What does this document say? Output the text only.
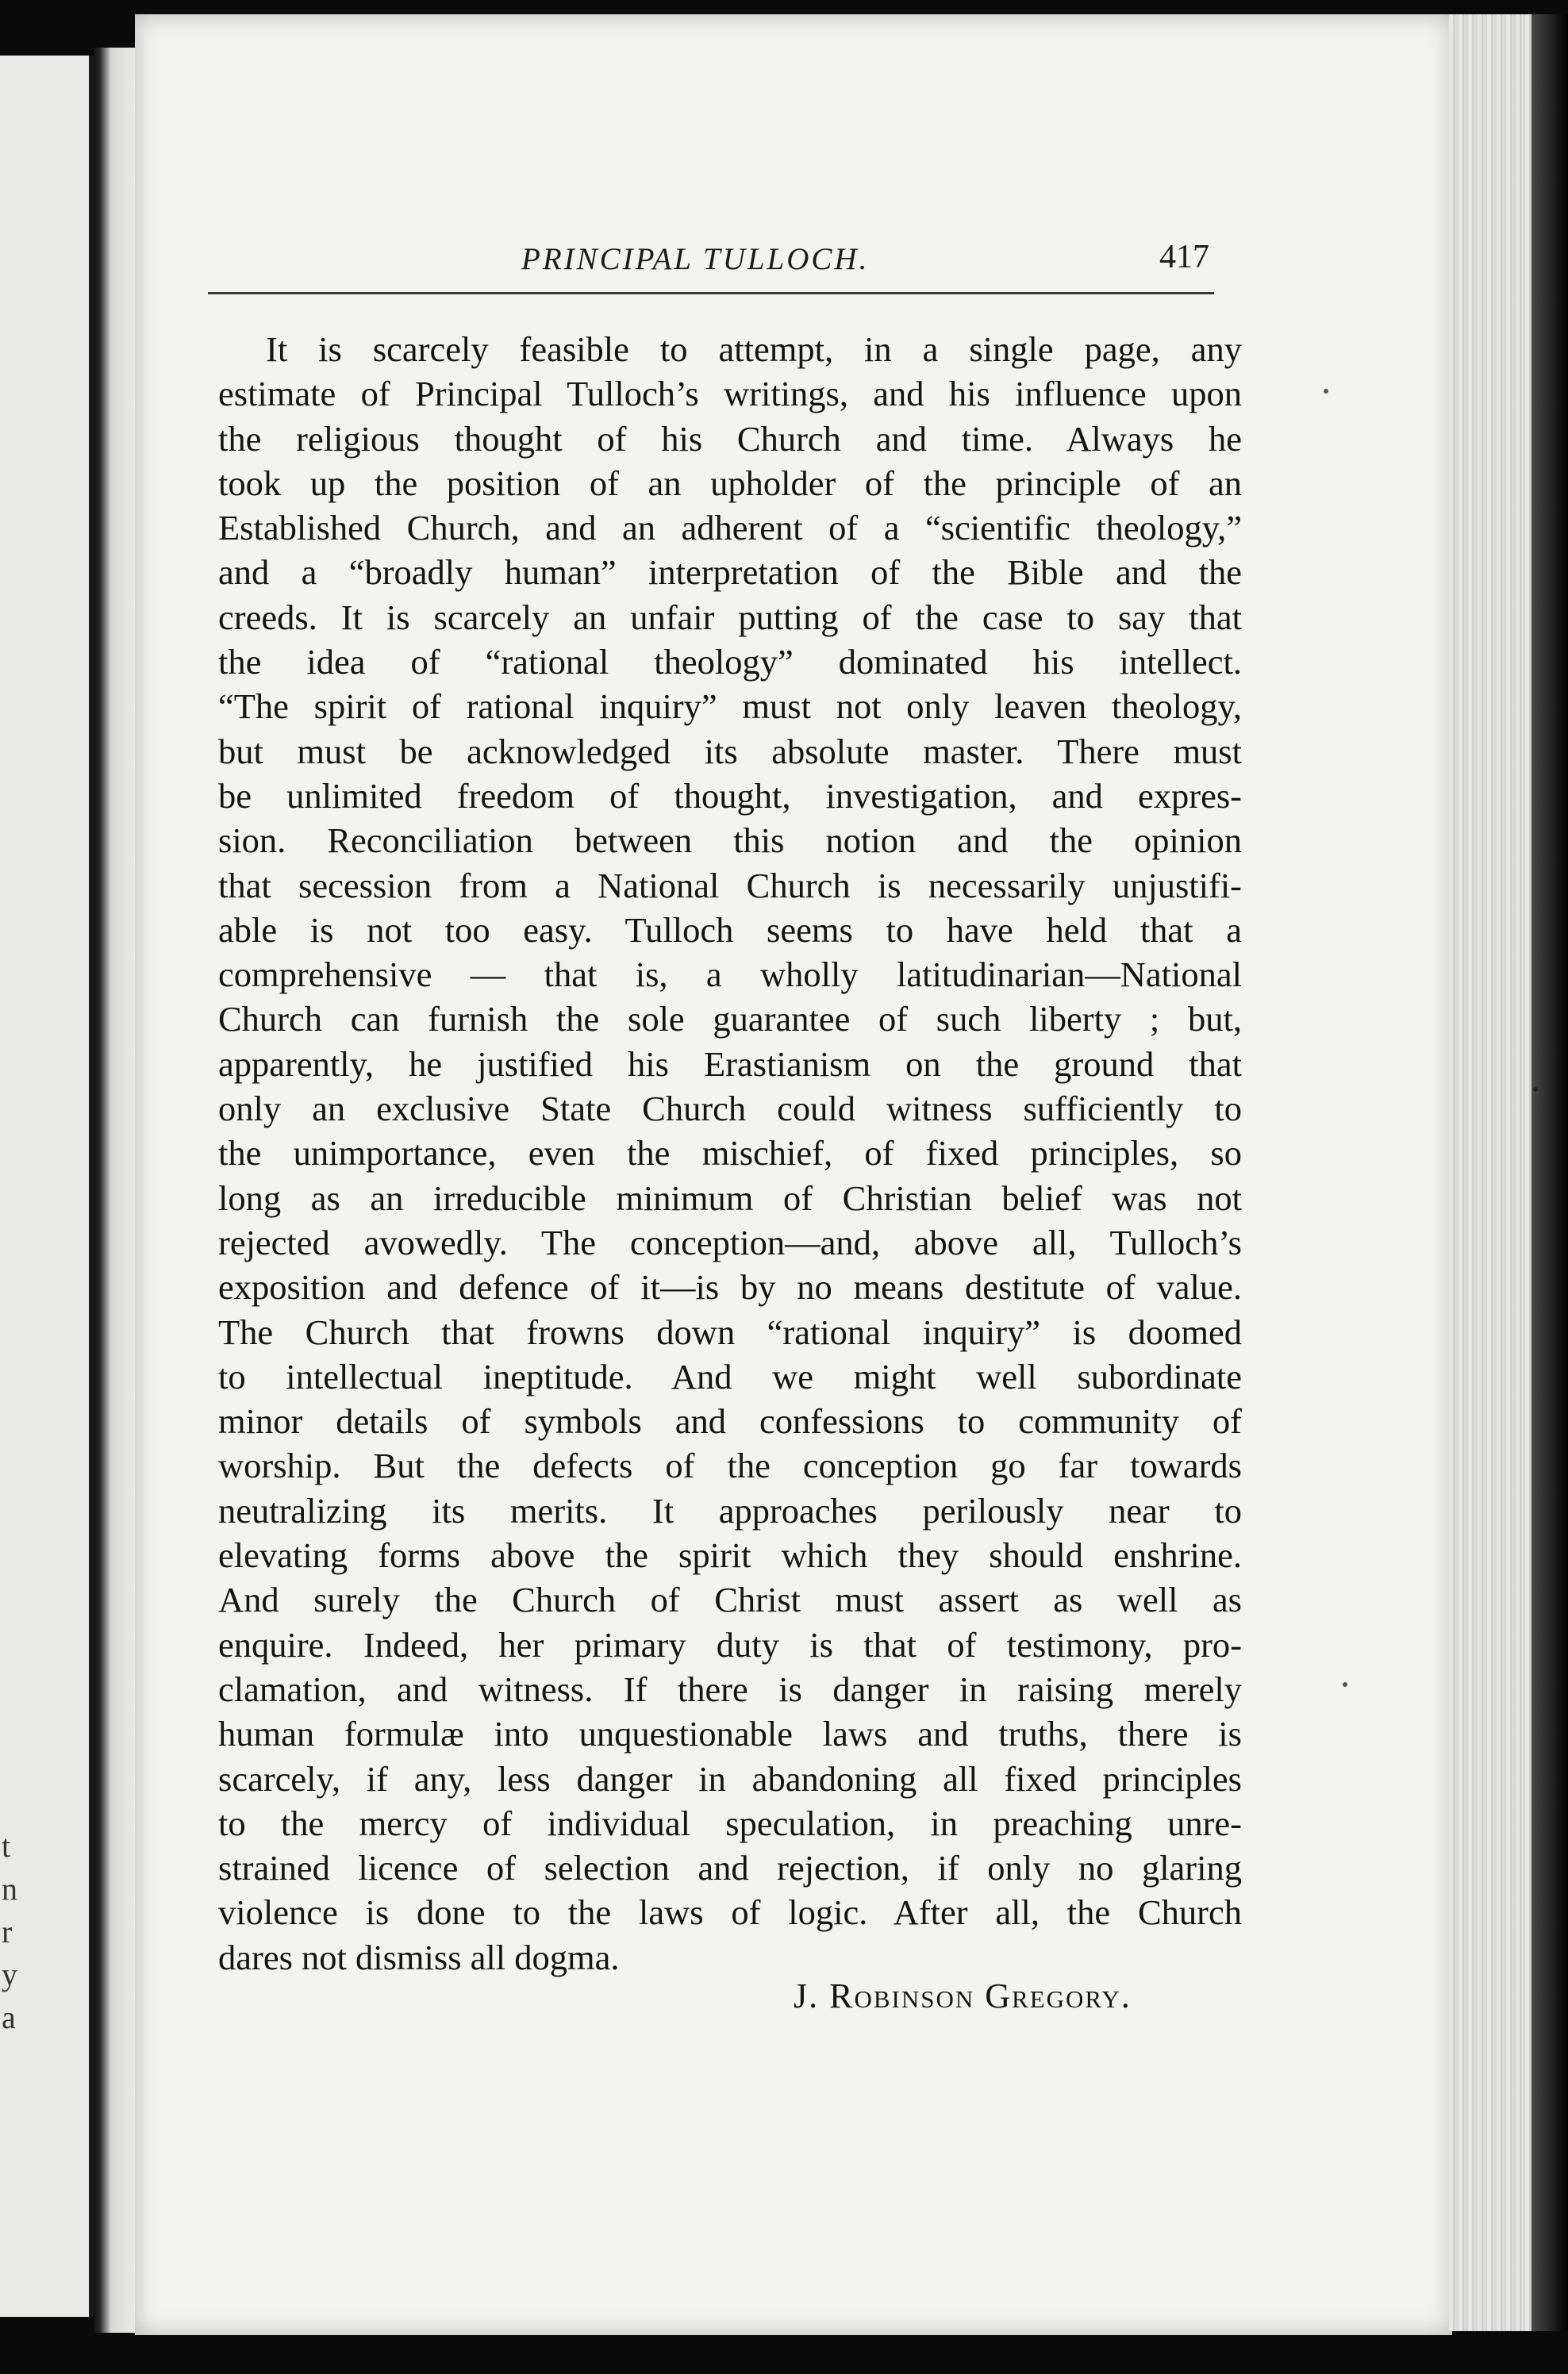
t
n
r
y
a
PRINCIPAL TULLOCH.	417
It is scarcely feasible to attempt, in a single page, any
estimate of Principal Tulloch’s writings, and his influence upon
the religious thought of his Church and time. Always he
took up the position of an upholder of the principle of an
Established Church, and an adherent of a “scientific theology,”
and a “broadly human” interpretation of the Bible and the
creeds. It is scarcely an unfair putting of the case to say that
the idea of “rational theology” dominated his intellect.
“The spirit of rational inquiry” must not only leaven theology,
but must be acknowledged its absolute master. There must
be unlimited freedom of thought, investigation, and expres-
sion. Reconciliation between this notion and the opinion
that secession from a National Church is necessarily unjustifi-
able is not too easy. Tulloch seems to have held that a
comprehensive — that is, a wholly latitudinarian—National
Church can furnish the sole guarantee of such liberty ; but,
apparently, he justified his Erastianism on the ground that
only an exclusive State Church could witness sufficiently to
the unimportance, even the mischief, of fixed principles, so
long as an irreducible minimum of Christian belief was not
rejected avowedly. The conception—and, above all, Tulloch’s
exposition and defence of it—is by no means destitute of value.
The Church that frowns down “rational inquiry” is doomed
to intellectual ineptitude. And we might well subordinate
minor details of symbols and confessions to community of
worship. But the defects of the conception go far towards
neutralizing its merits. It approaches perilously near to
elevating forms above the spirit which they should enshrine.
And surely the Church of Christ must assert as well as
enquire. Indeed, her primary duty is that of testimony, pro-
clamation, and witness. If there is danger in raising merely
human formulæ into unquestionable laws and truths, there is
scarcely, if any, less danger in abandoning all fixed principles
to the mercy of individual speculation, in preaching unre-
strained licence of selection and rejection, if only no glaring
violence is done to the laws of logic. After all, the Church
dares not dismiss all dogma.
J. Robinson Gregory.
